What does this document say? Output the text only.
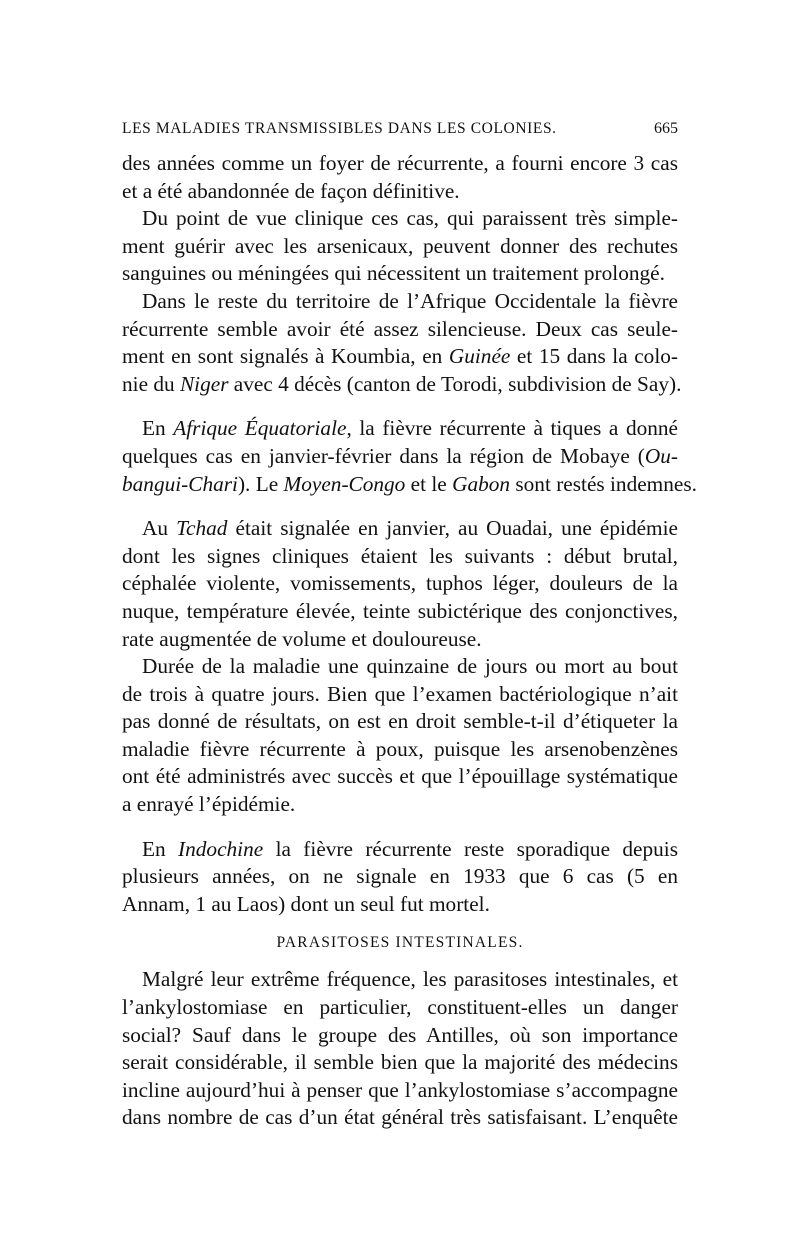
LES MALADIES TRANSMISSIBLES DANS LES COLONIES.	665
des années comme un foyer de récurrente, a fourni encore 3 cas
et a été abandonnée de façon définitive.
Du point de vue clinique ces cas, qui paraissent très simple-
ment guérir avec les arsenicaux, peuvent donner des rechutes
sanguines ou méningées qui nécessitent un traitement prolongé.
Dans le reste du territoire de l’Afrique Occidentale la fièvre
récurrente semble avoir été assez silencieuse. Deux cas seule-
ment en sont signalés à Koumbia, en Guinée et 15 dans la colo-
nie du Niger avec 4 décès (canton de Torodi, subdivision de Say).
En Afrique Équatoriale, la fièvre récurrente à tiques a donné
quelques cas en janvier-février dans la région de Mobaye (Ou-
bangui-Chari). Le Moyen-Congo et le Gabon sont restés indemnes.
Au Tchad était signalée en janvier, au Ouadai, une épidémie
dont les signes cliniques étaient les suivants : début brutal,
céphalée violente, vomissements, tuphos léger, douleurs de la
nuque, température élevée, teinte subictérique des conjonctives,
rate augmentée de volume et douloureuse.
Durée de la maladie une quinzaine de jours ou mort au bout
de trois à quatre jours. Bien que l’examen bactériologique n’ait
pas donné de résultats, on est en droit semble-t-il d’étiqueter la
maladie fièvre récurrente à poux, puisque les arsenobenzènes
ont été administrés avec succès et que l’épouillage systématique
a enrayé l’épidémie.
En Indochine la fièvre récurrente reste sporadique depuis
plusieurs années, on ne signale en 1933 que 6 cas (5 en
Annam, 1 au Laos) dont un seul fut mortel.
PARASITOSES INTESTINALES.
Malgré leur extrême fréquence, les parasitoses intestinales, et
l’ankylostomiase en particulier, constituent-elles un danger
social? Sauf dans le groupe des Antilles, où son importance
serait considérable, il semble bien que la majorité des médecins
incline aujourd’hui à penser que l’ankylostomiase s’accompagne
dans nombre de cas d’un état général très satisfaisant. L’enquête
